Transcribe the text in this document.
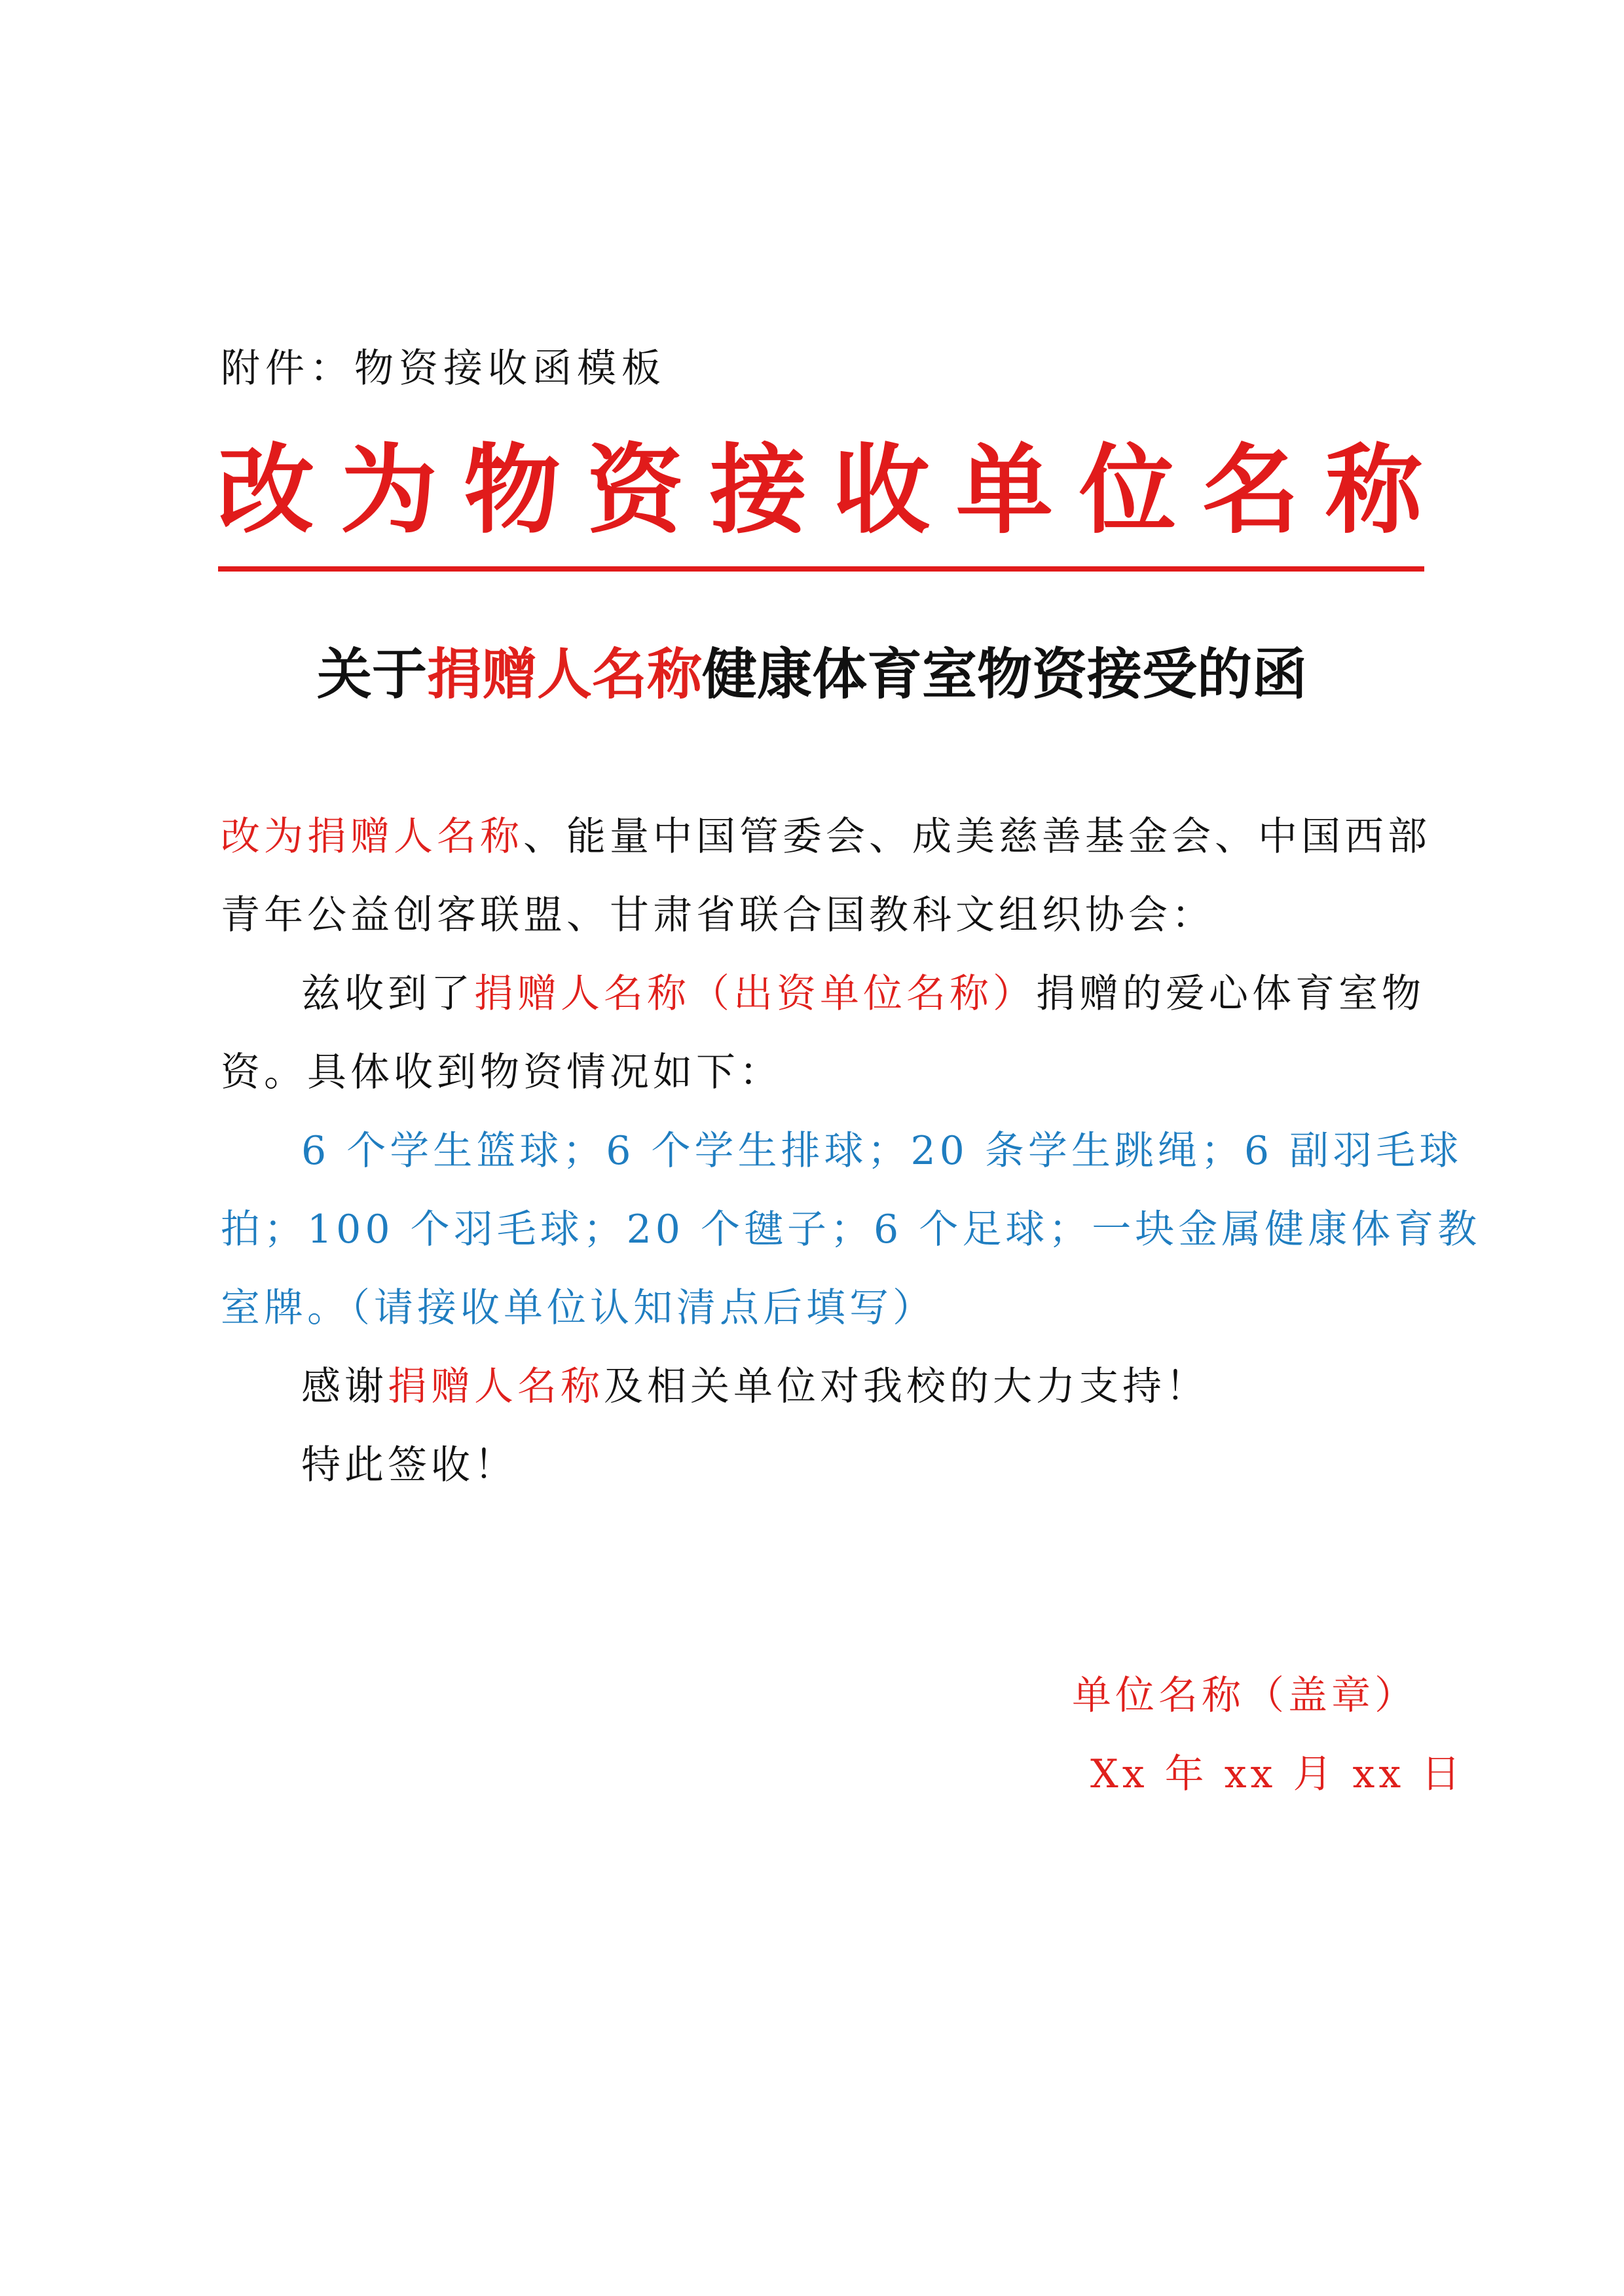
附件：物资接收函模板
改 为 物 资 接 收 单 位 名 称
关于捐赠人名称健康体育室物资接受的函
改为捐赠人名称、能量中国管委会、成美慈善基金会、中国西部
青年公益创客联盟、甘肃省联合国教科文组织协会：
兹收到了捐赠人名称（出资单位名称）捐赠的爱心体育室物
资。具体收到物资情况如下：
6 个学生篮球；6 个学生排球；20 条学生跳绳；6 副羽毛球
拍；100 个羽毛球；20 个毽子；6 个足球；一块金属健康体育教
室牌。（请接收单位认知清点后填写）
感谢捐赠人名称及相关单位对我校的大力支持！
特此签收！
单位名称（盖章）
Xx 年 xx 月 xx 日
